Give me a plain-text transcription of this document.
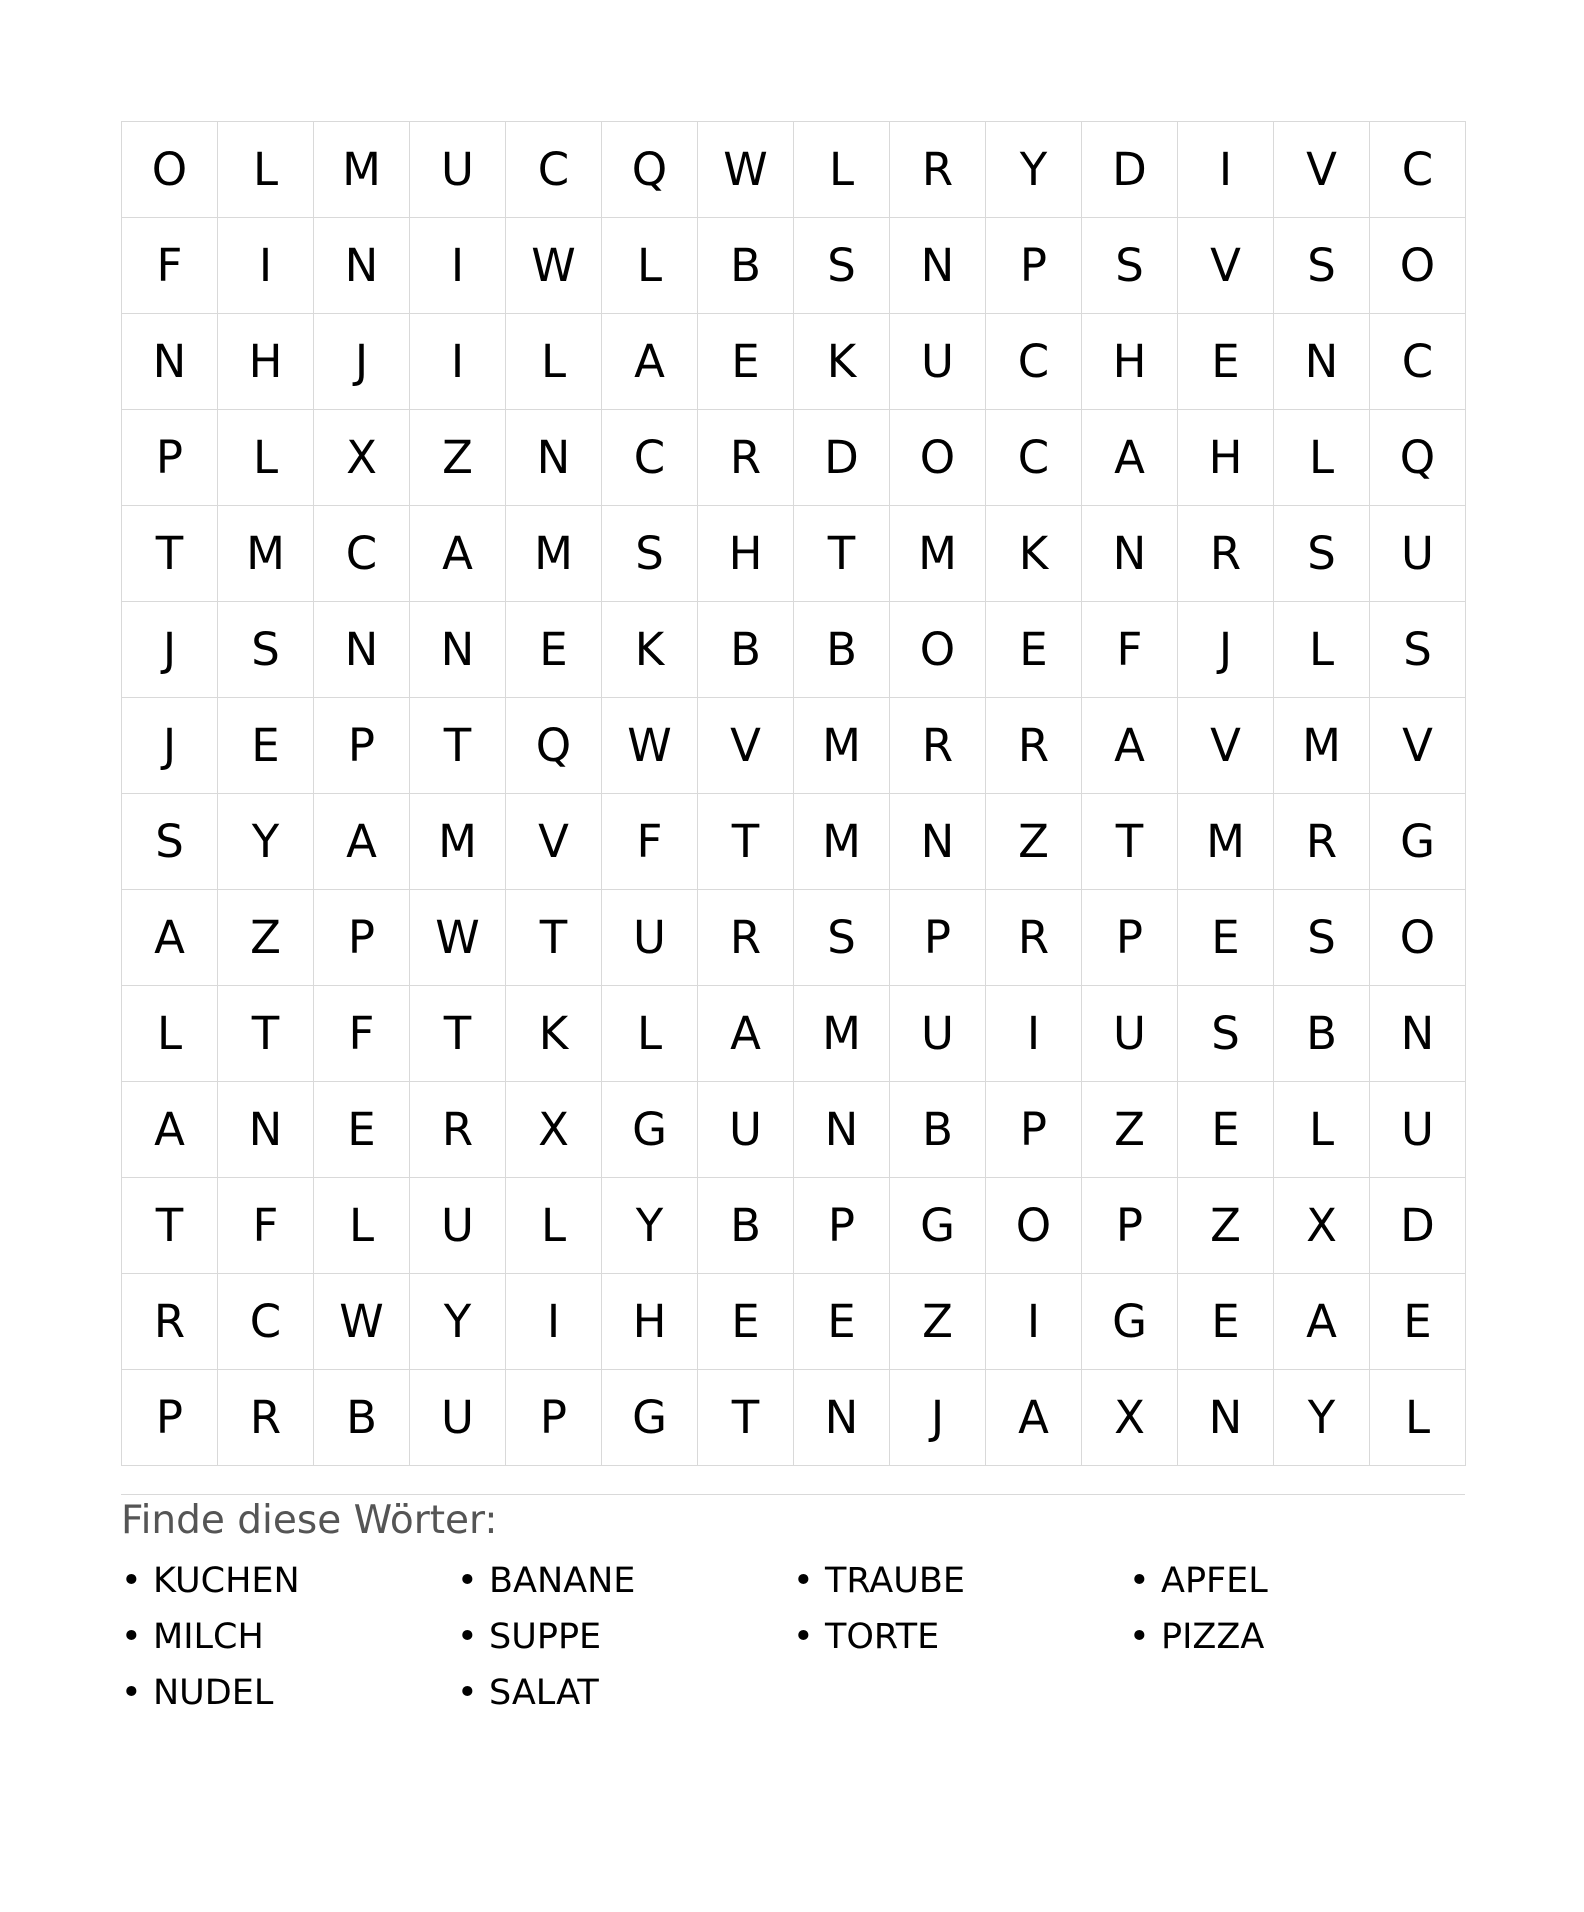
O	L	M	U	C	Q	W	L	R	Y	D	I	V	C
F	I	N	I	W	L	B	S	N	P	S	V	S	O
N	H	J	I	L	A	E	K	U	C	H	E	N	C
P	L	X	Z	N	C	R	D	O	C	A	H	L	Q
T	M	C	A	M	S	H	T	M	K	N	R	S	U
J	S	N	N	E	K	B	B	O	E	F	J	L	S
J	E	P	T	Q	W	V	M	R	R	A	V	M	V
S	Y	A	M	V	F	T	M	N	Z	T	M	R	G
A	Z	P	W	T	U	R	S	P	R	P	E	S	O
L	T	F	T	K	L	A	M	U	I	U	S	B	N
A	N	E	R	X	G	U	N	B	P	Z	E	L	U
T	F	L	U	L	Y	B	P	G	O	P	Z	X	D
R	C	W	Y	I	H	E	E	Z	I	G	E	A	E
P	R	B	U	P	G	T	N	J	A	X	N	Y	L
Finde diese Wörter:
• KUCHEN	• BANANE	• TRAUBE	• APFEL
• MILCH	• SUPPE	• TORTE	• PIZZA
• NUDEL	• SALAT
